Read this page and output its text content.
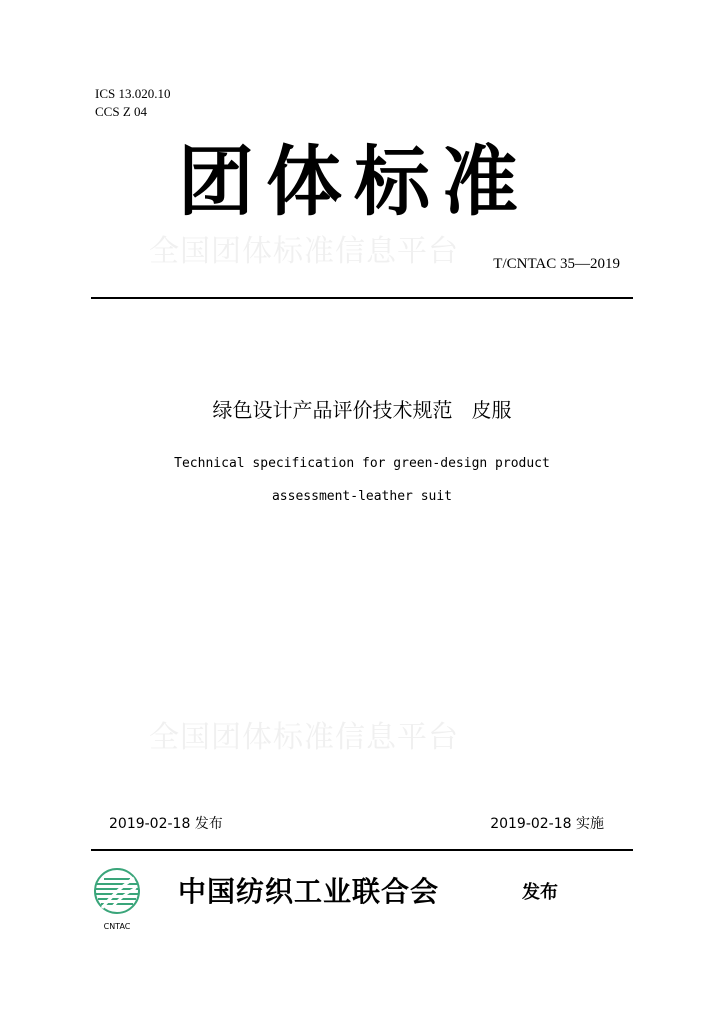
ICS 13.020.10
CCS Z 04
团体标准
全国团体标准信息平台	T/CNTAC 35—2019
绿色设计产品评价技术规范   皮服
Technical specification for green-design product
assessment-leather suit
全国团体标准信息平台
2019-02-18 发布	2019-02-18 实施
CNTAC
中国纺织工业联合会	发布
